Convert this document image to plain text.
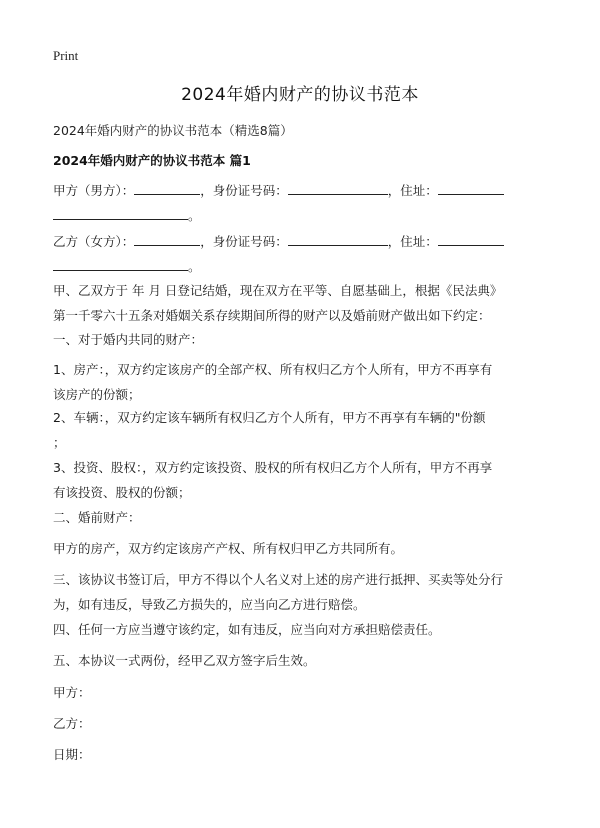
Print
2024年婚内财产的协议书范本
2024年婚内财产的协议书范本（精选8篇）
2024年婚内财产的协议书范本 篇1
甲方（男方）：	，身份证号码：	，住址：
。
乙方（女方）：	，身份证号码：	，住址：
。
甲、乙双方于 年 月 日登记结婚，现在双方在平等、自愿基础上，根据《民法典》
第一千零六十五条对婚姻关系存续期间所得的财产以及婚前财产做出如下约定：
一、对于婚内共同的财产：
1、房产：，双方约定该房产的全部产权、所有权归乙方个人所有，甲方不再享有
该房产的份额；
2、车辆：，双方约定该车辆所有权归乙方个人所有，甲方不再享有车辆的"份额
；
3、投资、股权：，双方约定该投资、股权的所有权归乙方个人所有，甲方不再享
有该投资、股权的份额；
二、婚前财产：
甲方的房产，双方约定该房产产权、所有权归甲乙方共同所有。
三、该协议书签订后，甲方不得以个人名义对上述的房产进行抵押、买卖等处分行
为，如有违反，导致乙方损失的，应当向乙方进行赔偿。
四、任何一方应当遵守该约定，如有违反，应当向对方承担赔偿责任。
五、本协议一式两份，经甲乙双方签字后生效。
甲方：
乙方：
日期：
